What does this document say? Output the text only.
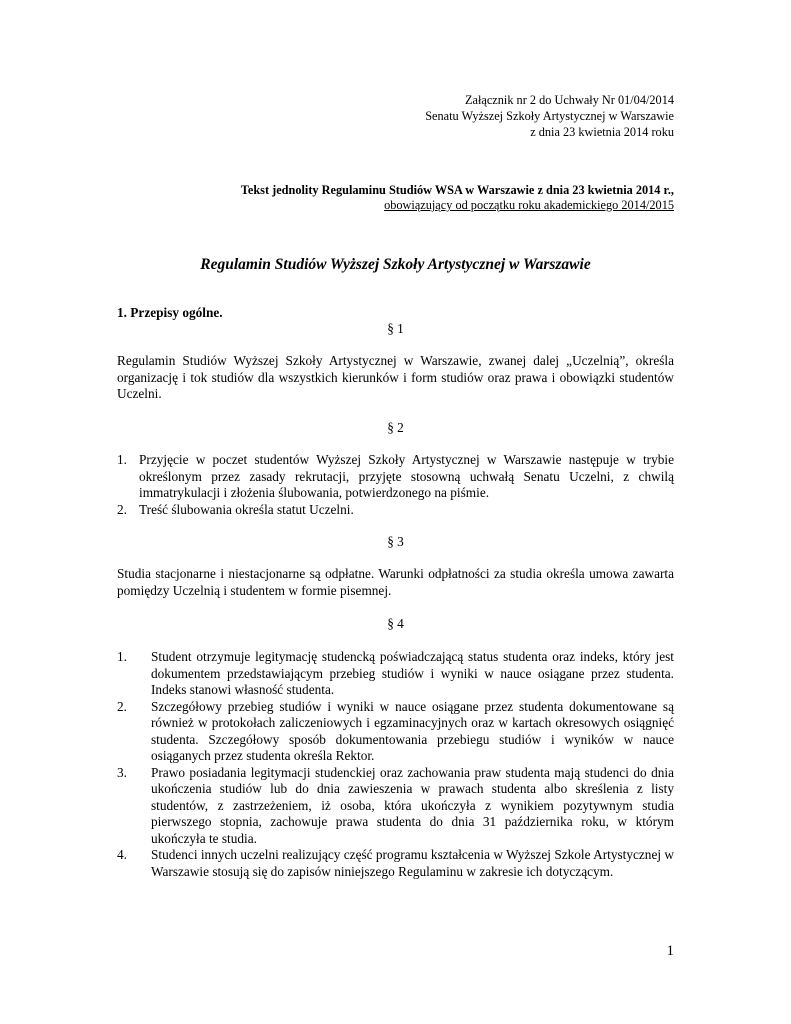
Załącznik nr 2 do Uchwały Nr 01/04/2014
Senatu Wyższej Szkoły Artystycznej w Warszawie
z dnia 23 kwietnia 2014 roku
Tekst jednolity Regulaminu Studiów WSA w Warszawie z dnia 23 kwietnia 2014 r.,
obowiązujący od początku roku akademickiego 2014/2015
Regulamin Studiów Wyższej Szkoły Artystycznej w Warszawie
1. Przepisy ogólne.
§ 1
Regulamin Studiów Wyższej Szkoły Artystycznej w Warszawie, zwanej dalej „Uczelnią”, określa organizację i tok studiów dla wszystkich kierunków i form studiów oraz prawa i obowiązki studentów Uczelni.
§ 2
1. Przyjęcie w poczet studentów Wyższej Szkoły Artystycznej w Warszawie następuje w trybie określonym przez zasady rekrutacji, przyjęte stosowną uchwałą Senatu Uczelni, z chwilą immatrykulacji i złożenia ślubowania, potwierdzonego na piśmie.
2. Treść ślubowania określa statut Uczelni.
§ 3
Studia stacjonarne i niestacjonarne są odpłatne. Warunki odpłatności za studia określa umowa zawarta pomiędzy Uczelnią i studentem w formie pisemnej.
§ 4
1. Student otrzymuje legitymację studencką poświadczającą status studenta oraz indeks, który jest dokumentem przedstawiającym przebieg studiów i wyniki w nauce osiągane przez studenta. Indeks stanowi własność studenta.
2. Szczegółowy przebieg studiów i wyniki w nauce osiągane przez studenta dokumentowane są również w protokołach zaliczeniowych i egzaminacyjnych oraz w kartach okresowych osiągnięć studenta. Szczegółowy sposób dokumentowania przebiegu studiów i wyników w nauce osiąganych przez studenta określa Rektor.
3. Prawo posiadania legitymacji studenckiej oraz zachowania praw studenta mają studenci do dnia ukończenia studiów lub do dnia zawieszenia w prawach studenta albo skreślenia z listy studentów, z zastrzeżeniem, iż osoba, która ukończyła z wynikiem pozytywnym studia pierwszego stopnia, zachowuje prawa studenta do dnia 31 października roku, w którym ukończyła te studia.
4. Studenci innych uczelni realizujący część programu kształcenia w Wyższej Szkole Artystycznej w Warszawie stosują się do zapisów niniejszego Regulaminu w zakresie ich dotyczącym.
1
